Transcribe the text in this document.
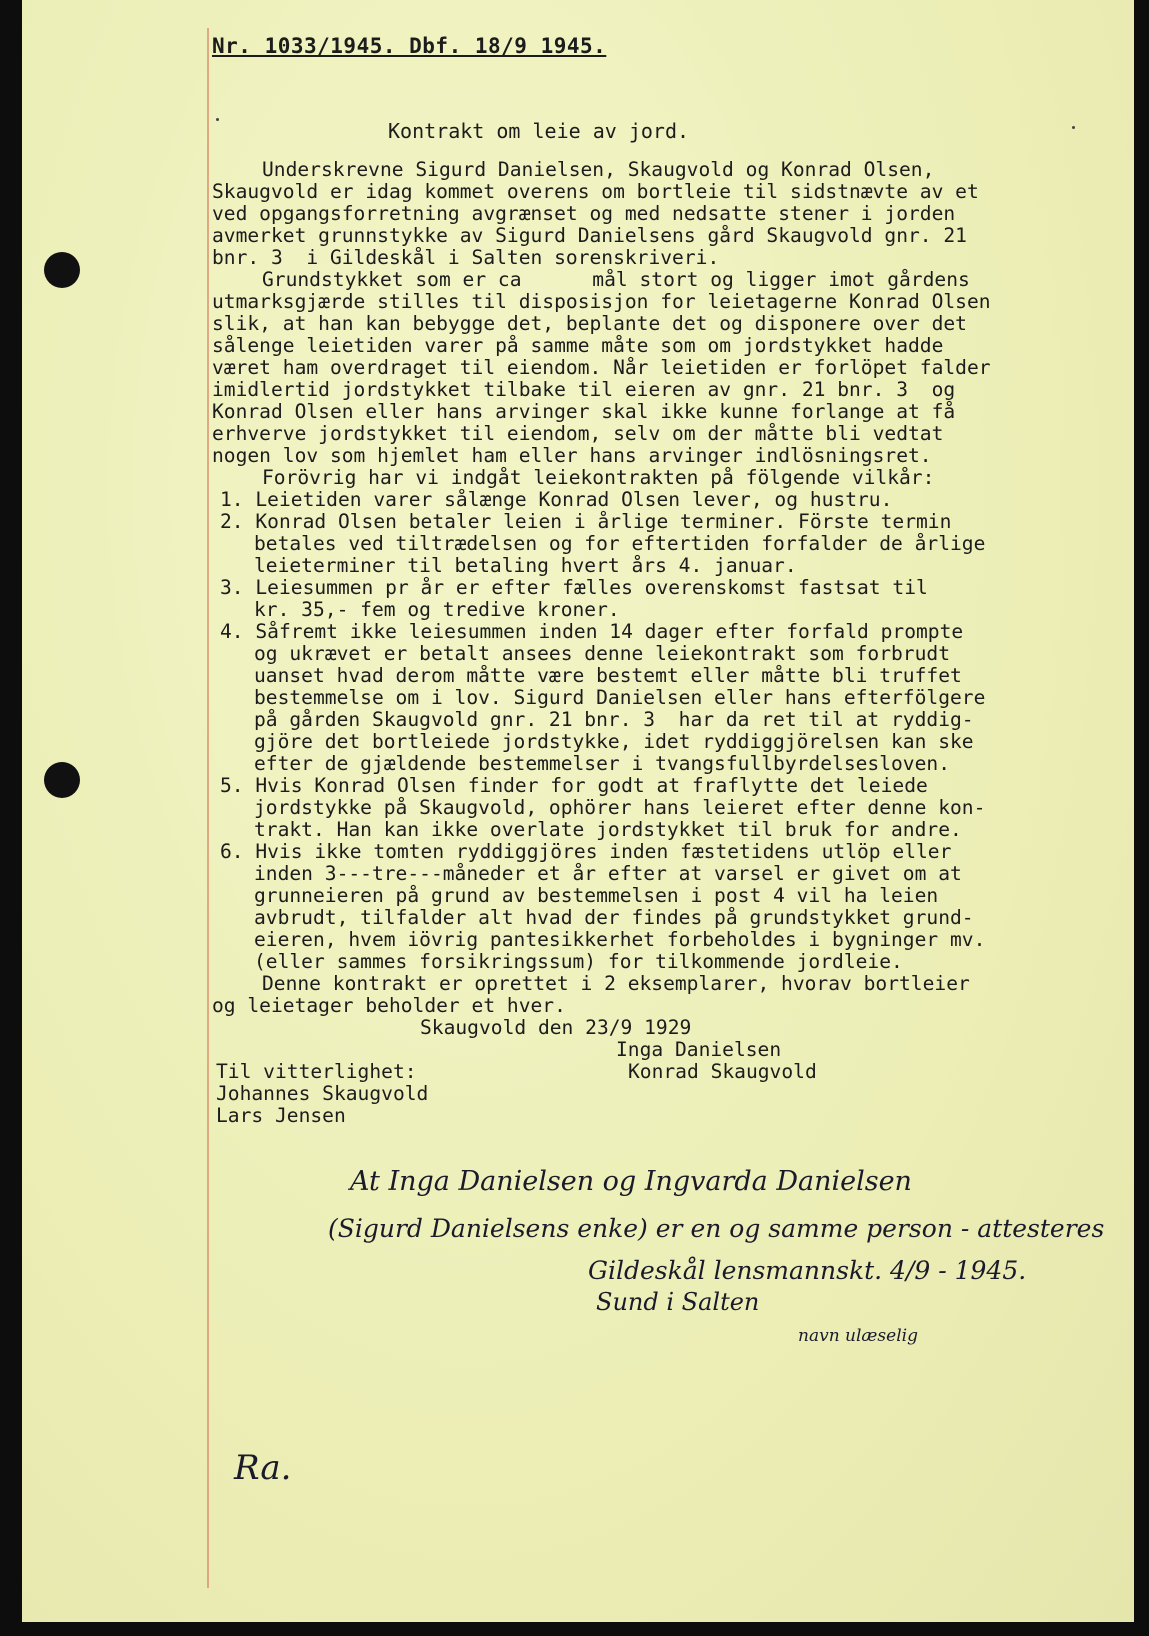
Nr. 1033/1945. Dbf. 18/9 1945.
Kontrakt om leie av jord.
Underskrevne Sigurd Danielsen, Skaugvold og Konrad Olsen,
Skaugvold er idag kommet overens om bortleie til sidstnævte av et
ved opgangsforretning avgrænset og med nedsatte stener i jorden
avmerket grunnstykke av Sigurd Danielsens gård Skaugvold gnr. 21
bnr. 3  i Gildeskål i Salten sorenskriveri.
Grundstykket som er ca      mål stort og ligger imot gårdens
utmarksgjærde stilles til disposisjon for leietagerne Konrad Olsen
slik, at han kan bebygge det, beplante det og disponere over det
sålenge leietiden varer på samme måte som om jordstykket hadde
været ham overdraget til eiendom. Når leietiden er forlöpet falder
imidlertid jordstykket tilbake til eieren av gnr. 21 bnr. 3  og
Konrad Olsen eller hans arvinger skal ikke kunne forlange at få
erhverve jordstykket til eiendom, selv om der måtte bli vedtat
nogen lov som hjemlet ham eller hans arvinger indlösningsret.
Forövrig har vi indgåt leiekontrakten på fölgende vilkår:
1. Leietiden varer sålænge Konrad Olsen lever, og hustru.
2. Konrad Olsen betaler leien i årlige terminer. Förste termin
betales ved tiltrædelsen og for eftertiden forfalder de årlige
leieterminer til betaling hvert års 4. januar.
3. Leiesummen pr år er efter fælles overenskomst fastsat til
kr. 35,- fem og tredive kroner.
4. Såfremt ikke leiesummen inden 14 dager efter forfald prompte
og ukrævet er betalt ansees denne leiekontrakt som forbrudt
uanset hvad derom måtte være bestemt eller måtte bli truffet
bestemmelse om i lov. Sigurd Danielsen eller hans efterfölgere
på gården Skaugvold gnr. 21 bnr. 3  har da ret til at ryddig-
gjöre det bortleiede jordstykke, idet ryddiggjörelsen kan ske
efter de gjældende bestemmelser i tvangsfullbyrdelsesloven.
5. Hvis Konrad Olsen finder for godt at fraflytte det leiede
jordstykke på Skaugvold, ophörer hans leieret efter denne kon-
trakt. Han kan ikke overlate jordstykket til bruk for andre.
6. Hvis ikke tomten ryddiggjöres inden fæstetidens utlöp eller
inden 3---tre---måneder et år efter at varsel er givet om at
grunneieren på grund av bestemmelsen i post 4 vil ha leien
avbrudt, tilfalder alt hvad der findes på grundstykket grund-
eieren, hvem iövrig pantesikkerhet forbeholdes i bygninger mv.
(eller sammes forsikringssum) for tilkommende jordleie.
Denne kontrakt er oprettet i 2 eksemplarer, hvorav bortleier
og leietager beholder et hver.
Skaugvold den 23/9 1929
Inga Danielsen
Konrad Skaugvold
Til vitterlighet:
Johannes Skaugvold
Lars Jensen
At Inga Danielsen og Ingvarda Danielsen
(Sigurd Danielsens enke) er en og samme person - attesteres
Gildeskål lensmannskt. 4/9 - 1945.
Sund i Salten
navn ulæselig
Ra.
